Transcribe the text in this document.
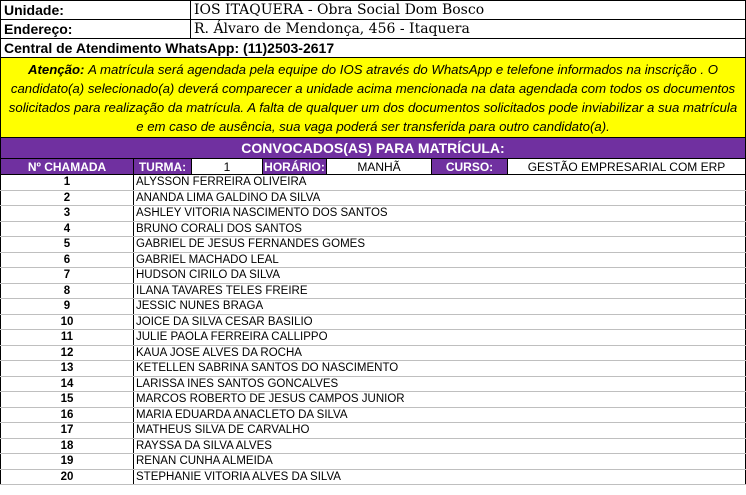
Unidade:	IOS ITAQUERA - Obra Social Dom Bosco
Endereço:	R. Álvaro de Mendonça, 456 - Itaquera
Central de Atendimento WhatsApp: (11)2503-2617	
Atenção: A matrícula será agendada pela equipe do IOS através do WhatsApp e telefone informados na inscrição . O candidato(a) selecionado(a) deverá comparecer a unidade acima mencionada na data agendada com todos os documentos solicitados para realização da matrícula. A falta de qualquer um dos documentos solicitados pode inviabilizar a sua matrícula e em caso de ausência, sua vaga poderá ser transferida para outro candidato(a).
CONVOCADOS(AS) PARA MATRÍCULA:
Nº CHAMADA	TURMA:	1	HORÁRIO:	MANHÃ	CURSO:	GESTÃO EMPRESARIAL COM ERP
1	ALYSSON FERREIRA OLIVEIRA	
2	ANANDA LIMA GALDINO DA SILVA	
3	ASHLEY VITORIA NASCIMENTO DOS SANTOS	
4	BRUNO CORALI DOS SANTOS	
5	GABRIEL DE JESUS FERNANDES GOMES	
6	GABRIEL MACHADO LEAL	
7	HUDSON CIRILO DA SILVA	
8	ILANA TAVARES TELES FREIRE	
9	JESSIC NUNES BRAGA	
10	JOICE DA SILVA CESAR BASILIO	
11	JULIE PAOLA FERREIRA CALLIPPO	
12	KAUA JOSE ALVES DA ROCHA	
13	KETELLEN SABRINA SANTOS DO NASCIMENTO	
14	LARISSA INES SANTOS GONCALVES	
15	MARCOS ROBERTO DE JESUS CAMPOS JUNIOR	
16	MARIA EDUARDA ANACLETO DA SILVA	
17	MATHEUS SILVA DE CARVALHO	
18	RAYSSA DA SILVA ALVES	
19	RENAN CUNHA ALMEIDA	
20	STEPHANIE VITORIA ALVES DA SILVA	
